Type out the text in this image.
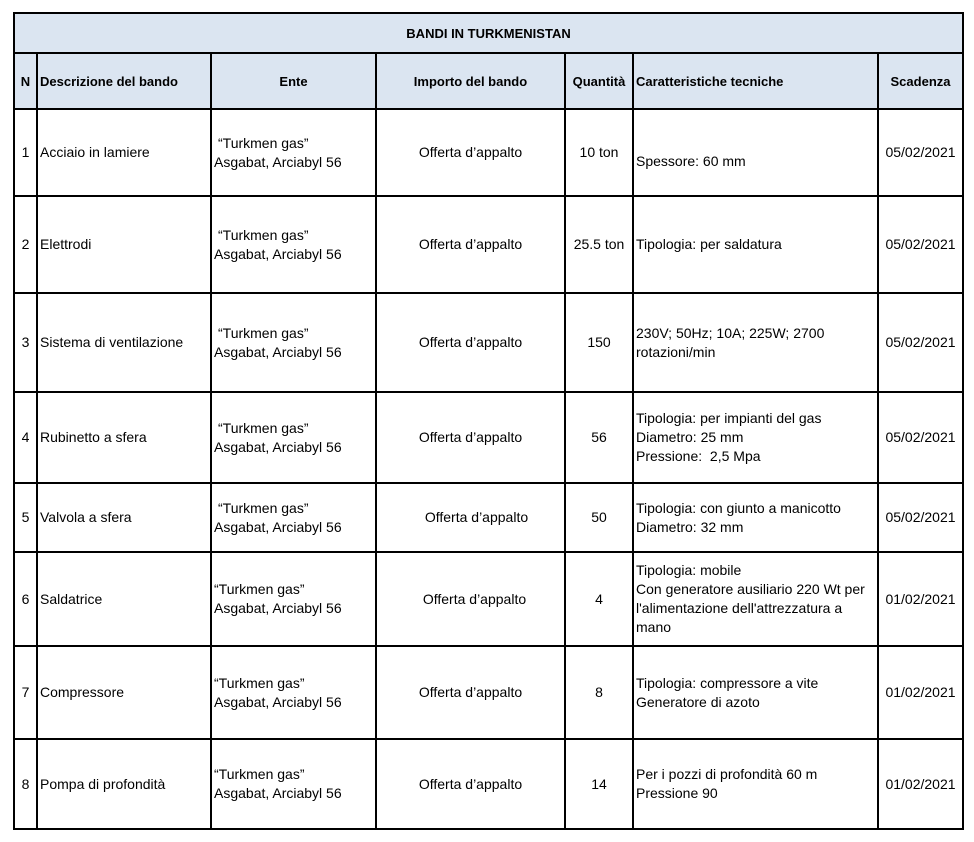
BANDI IN TURKMENISTAN						
N	Descrizione del bando	Ente	Importo del bando	Quantità	Caratteristiche tecniche	Scadenza
1	Acciaio in lamiere	“Turkmen gas”
Asgabat, Arciabyl 56	Offerta d’appalto	10 ton	Spessore: 60 mm	05/02/2021
2	Elettrodi	“Turkmen gas”
Asgabat, Arciabyl 56	Offerta d’appalto	25.5 ton	Tipologia: per saldatura	05/02/2021
3	Sistema di ventilazione	“Turkmen gas”
Asgabat, Arciabyl 56	Offerta d’appalto	150	230V; 50Hz; 10A; 225W; 2700
rotazioni/min	05/02/2021
4	Rubinetto a sfera	“Turkmen gas”
Asgabat, Arciabyl 56	Offerta d’appalto	56	Tipologia: per impianti del gas
Diametro: 25 mm
Pressione:  2,5 Mpa	05/02/2021
5	Valvola a sfera	“Turkmen gas”
Asgabat, Arciabyl 56	Offerta d’appalto	50	Tipologia: con giunto a manicotto
Diametro: 32 mm	05/02/2021
6	Saldatrice	“Turkmen gas”
Asgabat, Arciabyl 56	Offerta d’appalto	4	Tipologia: mobile
Con generatore ausiliario 220 Wt per
l'alimentazione dell'attrezzatura a
mano	01/02/2021
7	Compressore	“Turkmen gas”
Asgabat, Arciabyl 56	Offerta d’appalto	8	Tipologia: compressore a vite
Generatore di azoto	01/02/2021
8	Pompa di profondità	“Turkmen gas”
Asgabat, Arciabyl 56	Offerta d’appalto	14	Per i pozzi di profondità 60 m
Pressione 90	01/02/2021
